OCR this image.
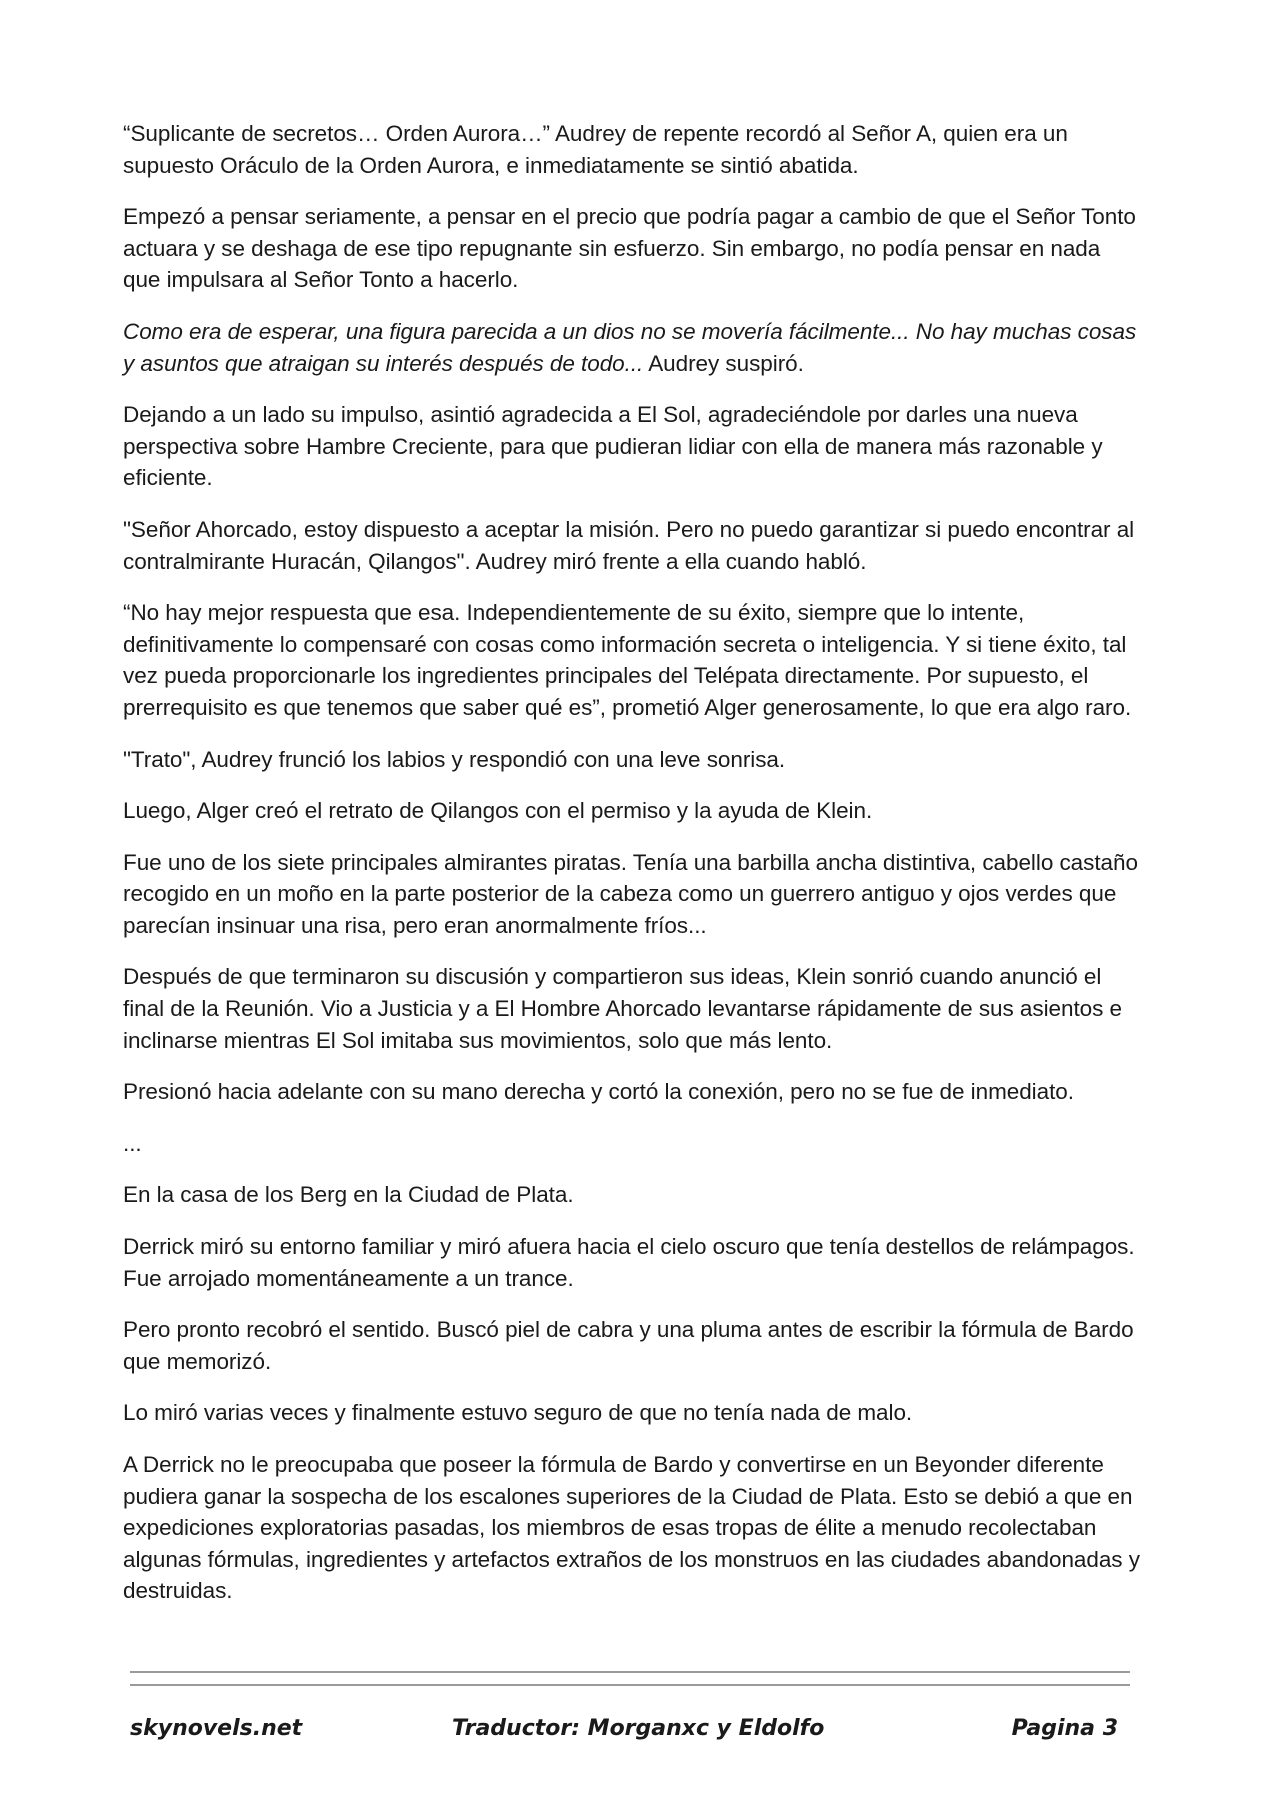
“Suplicante de secretos… Orden Aurora…” Audrey de repente recordó al Señor A, quien era un supuesto Oráculo de la Orden Aurora, e inmediatamente se sintió abatida.

Empezó a pensar seriamente, a pensar en el precio que podría pagar a cambio de que el Señor Tonto actuara y se deshaga de ese tipo repugnante sin esfuerzo. Sin embargo, no podía pensar en nada que impulsara al Señor Tonto a hacerlo.

Como era de esperar, una figura parecida a un dios no se movería fácilmente... No hay muchas cosas y asuntos que atraigan su interés después de todo... Audrey suspiró.

Dejando a un lado su impulso, asintió agradecida a El Sol, agradeciéndole por darles una nueva perspectiva sobre Hambre Creciente, para que pudieran lidiar con ella de manera más razonable y eficiente.

"Señor Ahorcado, estoy dispuesto a aceptar la misión. Pero no puedo garantizar si puedo encontrar al contralmirante Huracán, Qilangos". Audrey miró frente a ella cuando habló.

“No hay mejor respuesta que esa. Independientemente de su éxito, siempre que lo intente, definitivamente lo compensaré con cosas como información secreta o inteligencia. Y si tiene éxito, tal vez pueda proporcionarle los ingredientes principales del Telépata directamente. Por supuesto, el prerrequisito es que tenemos que saber qué es”, prometió Alger generosamente, lo que era algo raro.

"Trato", Audrey frunció los labios y respondió con una leve sonrisa.

Luego, Alger creó el retrato de Qilangos con el permiso y la ayuda de Klein.

Fue uno de los siete principales almirantes piratas. Tenía una barbilla ancha distintiva, cabello castaño recogido en un moño en la parte posterior de la cabeza como un guerrero antiguo y ojos verdes que parecían insinuar una risa, pero eran anormalmente fríos...

Después de que terminaron su discusión y compartieron sus ideas, Klein sonrió cuando anunció el final de la Reunión. Vio a Justicia y a El Hombre Ahorcado levantarse rápidamente de sus asientos e inclinarse mientras El Sol imitaba sus movimientos, solo que más lento.

Presionó hacia adelante con su mano derecha y cortó la conexión, pero no se fue de inmediato.

...

En la casa de los Berg en la Ciudad de Plata.

Derrick miró su entorno familiar y miró afuera hacia el cielo oscuro que tenía destellos de relámpagos. Fue arrojado momentáneamente a un trance.

Pero pronto recobró el sentido. Buscó piel de cabra y una pluma antes de escribir la fórmula de Bardo que memorizó.

Lo miró varias veces y finalmente estuvo seguro de que no tenía nada de malo.

A Derrick no le preocupaba que poseer la fórmula de Bardo y convertirse en un Beyonder diferente pudiera ganar la sospecha de los escalones superiores de la Ciudad de Plata. Esto se debió a que en expediciones exploratorias pasadas, los miembros de esas tropas de élite a menudo recolectaban algunas fórmulas, ingredientes y artefactos extraños de los monstruos en las ciudades abandonadas y destruidas.

skynovels.net	Traductor: Morganxc y Eldolfo	Pagina 3
